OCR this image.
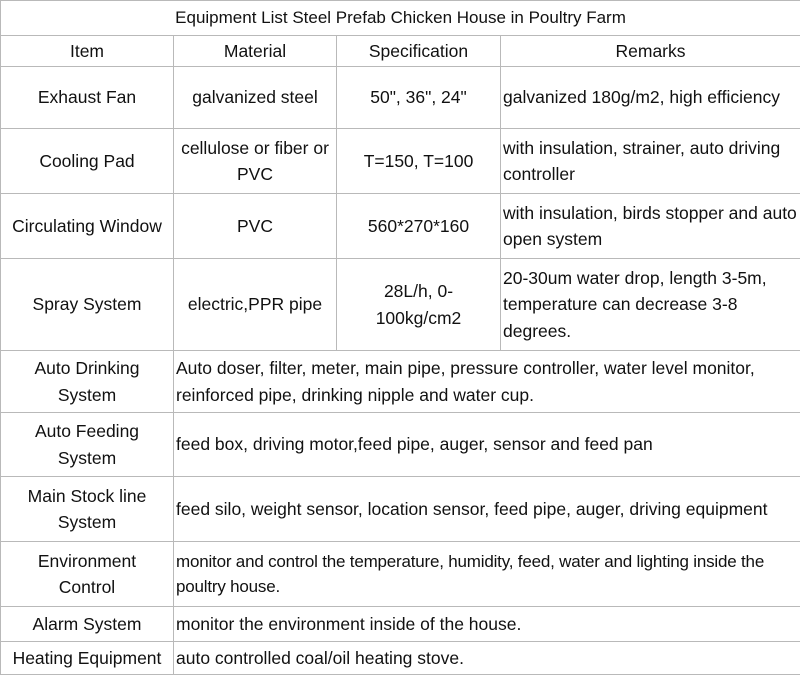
Equipment List Steel Prefab Chicken House in Poultry Farm			
Item	Material	Specification	Remarks
Exhaust Fan	galvanized steel	50", 36", 24"	galvanized 180g/m2, high efficiency
Cooling Pad	cellulose or fiber or PVC	T=150, T=100	with insulation, strainer, auto driving controller
Circulating Window	PVC	560*270*160	with insulation, birds stopper and auto open system
Spray System	electric,PPR pipe	28L/h, 0-100kg/cm2	20-30um water drop, length 3-5m, temperature can decrease 3-8 degrees.
Auto Drinking System	Auto doser, filter, meter, main pipe, pressure controller, water level monitor, reinforced pipe, drinking nipple and water cup.		
Auto Feeding System	feed box, driving motor,feed pipe, auger, sensor and feed pan		
Main Stock line System	feed silo, weight sensor, location sensor, feed pipe, auger, driving equipment		
Environment Control	monitor and control the temperature, humidity, feed, water and lighting inside the poultry house.		
Alarm System	monitor the environment inside of the house.		
Heating Equipment	auto controlled coal/oil heating stove.		
